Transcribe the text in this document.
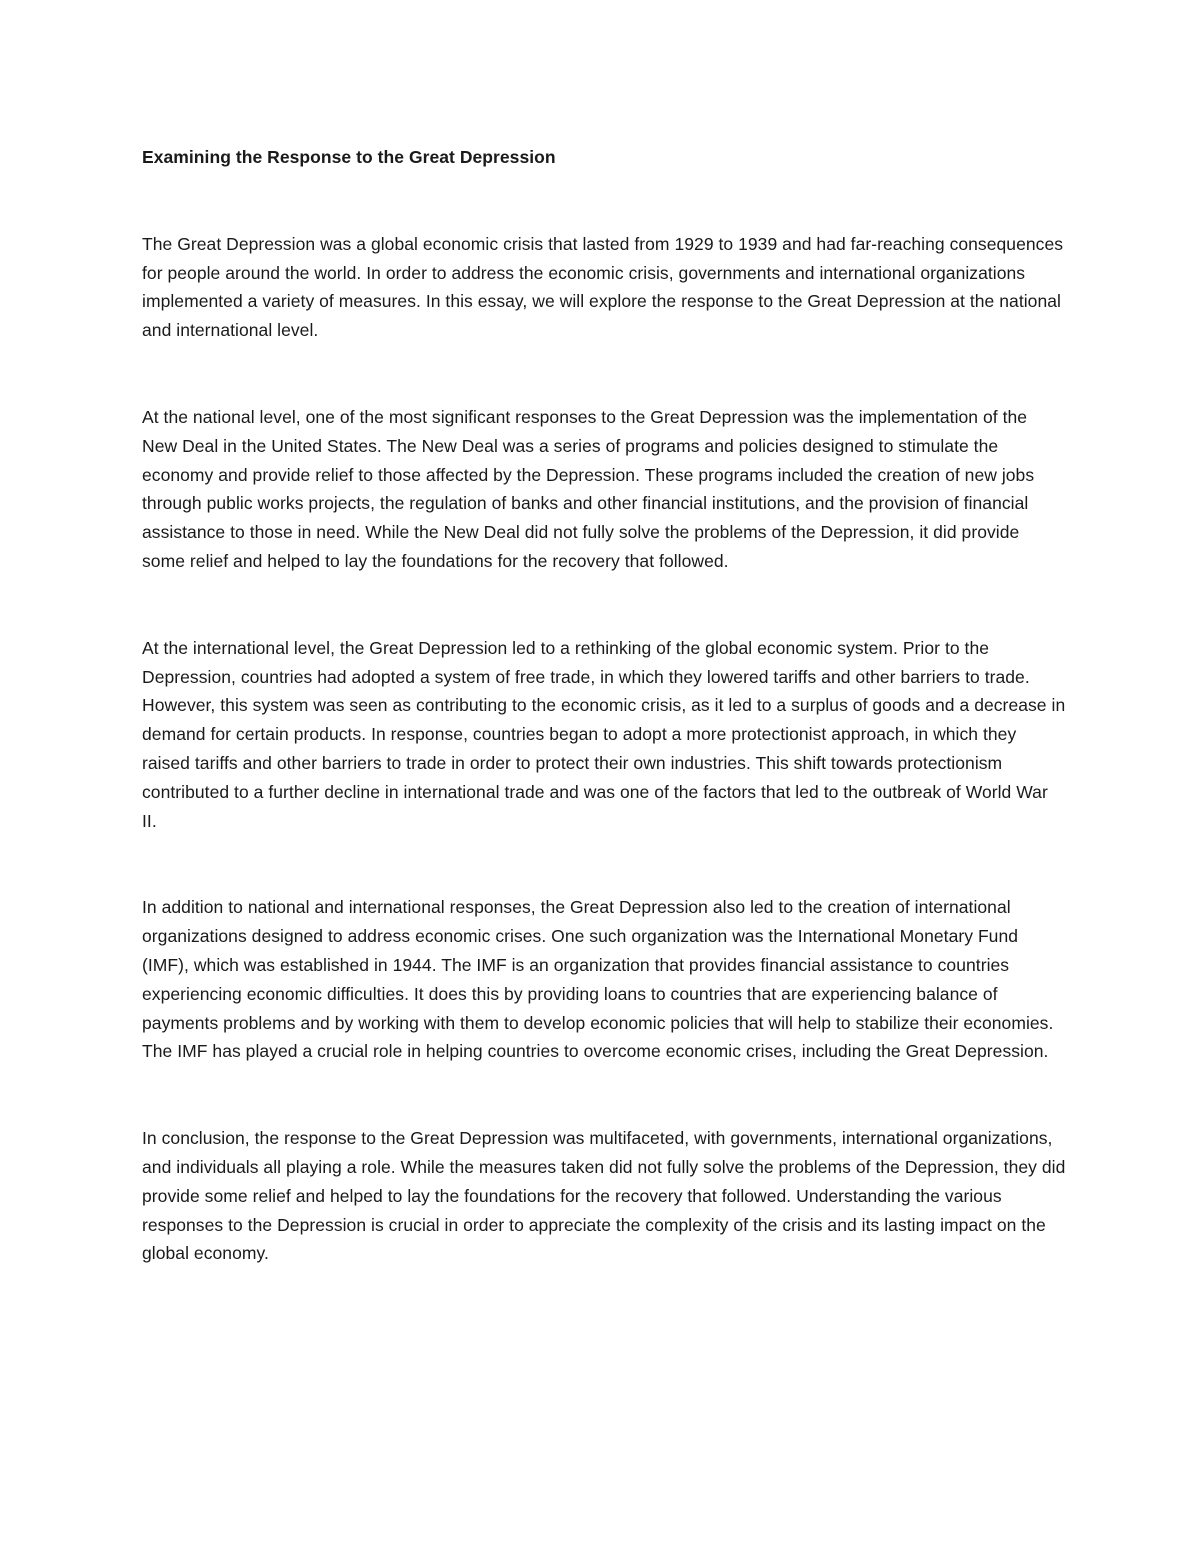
Examining the Response to the Great Depression

The Great Depression was a global economic crisis that lasted from 1929 to 1939 and had far-reaching consequences for people around the world. In order to address the economic crisis, governments and international organizations implemented a variety of measures. In this essay, we will explore the response to the Great Depression at the national and international level.

At the national level, one of the most significant responses to the Great Depression was the implementation of the New Deal in the United States. The New Deal was a series of programs and policies designed to stimulate the economy and provide relief to those affected by the Depression. These programs included the creation of new jobs through public works projects, the regulation of banks and other financial institutions, and the provision of financial assistance to those in need. While the New Deal did not fully solve the problems of the Depression, it did provide some relief and helped to lay the foundations for the recovery that followed.

At the international level, the Great Depression led to a rethinking of the global economic system. Prior to the Depression, countries had adopted a system of free trade, in which they lowered tariffs and other barriers to trade. However, this system was seen as contributing to the economic crisis, as it led to a surplus of goods and a decrease in demand for certain products. In response, countries began to adopt a more protectionist approach, in which they raised tariffs and other barriers to trade in order to protect their own industries. This shift towards protectionism contributed to a further decline in international trade and was one of the factors that led to the outbreak of World War II.

In addition to national and international responses, the Great Depression also led to the creation of international organizations designed to address economic crises. One such organization was the International Monetary Fund (IMF), which was established in 1944. The IMF is an organization that provides financial assistance to countries experiencing economic difficulties. It does this by providing loans to countries that are experiencing balance of payments problems and by working with them to develop economic policies that will help to stabilize their economies. The IMF has played a crucial role in helping countries to overcome economic crises, including the Great Depression.

In conclusion, the response to the Great Depression was multifaceted, with governments, international organizations, and individuals all playing a role. While the measures taken did not fully solve the problems of the Depression, they did provide some relief and helped to lay the foundations for the recovery that followed. Understanding the various responses to the Depression is crucial in order to appreciate the complexity of the crisis and its lasting impact on the global economy.
